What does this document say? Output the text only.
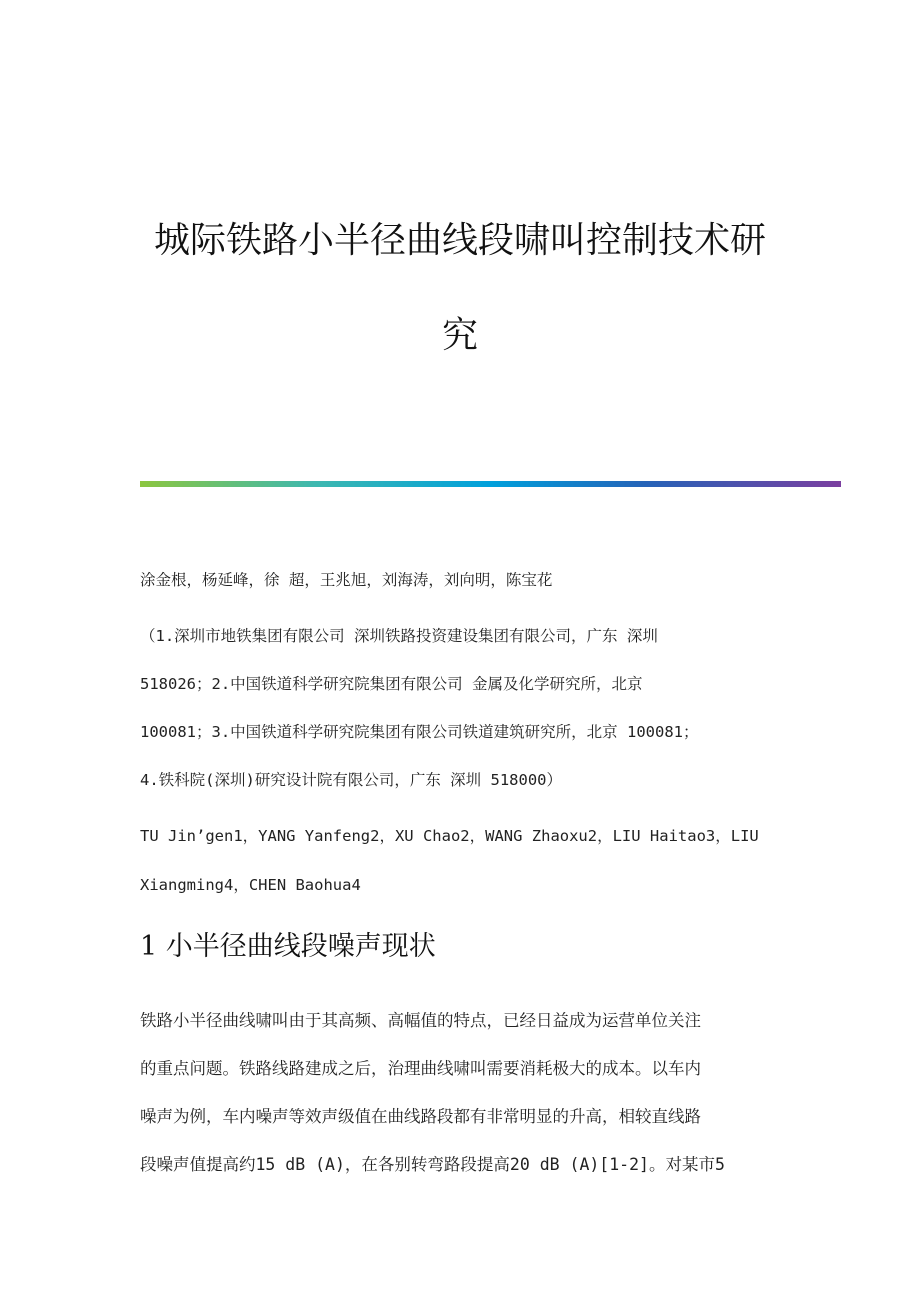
城际铁路小半径曲线段啸叫控制技术研
究
涂金根，杨延峰，徐 超，王兆旭，刘海涛，刘向明，陈宝花
（1.深圳市地铁集团有限公司 深圳铁路投资建设集团有限公司，广东 深圳
518026；2.中国铁道科学研究院集团有限公司 金属及化学研究所，北京
100081；3.中国铁道科学研究院集团有限公司铁道建筑研究所，北京 100081；
4.铁科院(深圳)研究设计院有限公司，广东 深圳 518000）
TU Jin’gen1，YANG Yanfeng2，XU Chao2，WANG Zhaoxu2，LIU Haitao3，LIU
Xiangming4，CHEN Baohua4
1 小半径曲线段噪声现状
铁路小半径曲线啸叫由于其高频、高幅值的特点，已经日益成为运营单位关注
的重点问题。铁路线路建成之后，治理曲线啸叫需要消耗极大的成本。以车内
噪声为例，车内噪声等效声级值在曲线路段都有非常明显的升高，相较直线路
段噪声值提高约15 dB (A)，在各别转弯路段提高20 dB (A)[1-2]。对某市5
